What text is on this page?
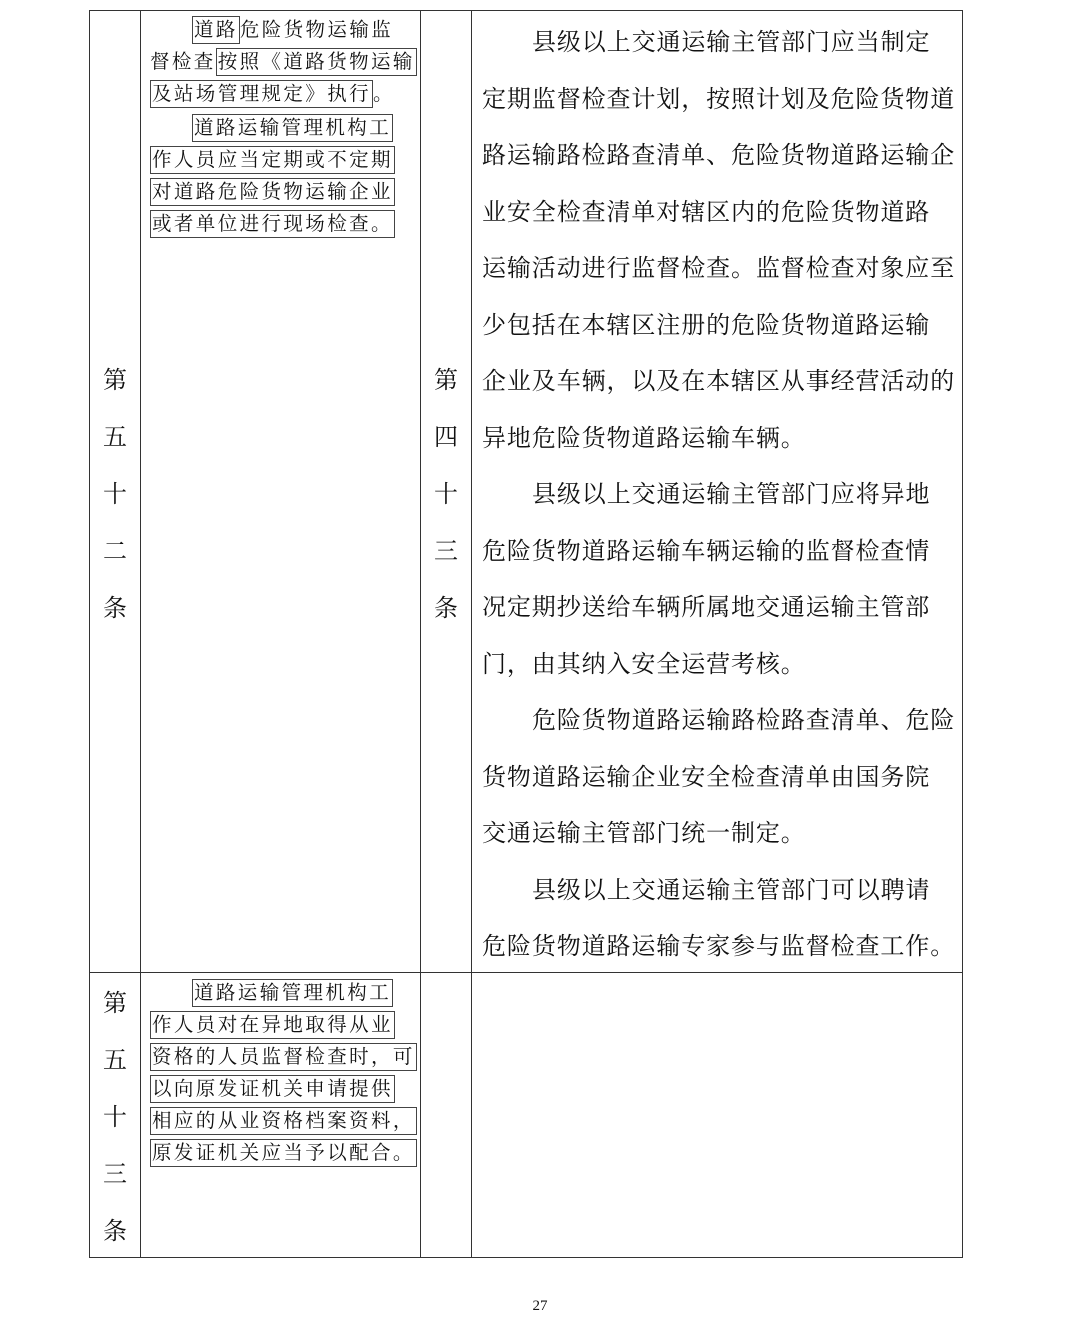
第
五
十
二
条
道路 危险货物运输监
督检查 按照《道路货物运输
及站场管理规定》执行 。
道路运输管理机构工
作人员应当定期或不定期
对道路危险货物运输企业
或者单位进行现场检查。
第
四
十
三
条
县级以上交通运输主管部门应当制定
定期监督检查计划，按照计划及危险货物道
路运输路检路查清单、危险货物道路运输企
业安全检查清单对辖区内的危险货物道路
运输活动进行监督检查。监督检查对象应至
少包括在本辖区注册的危险货物道路运输
企业及车辆，以及在本辖区从事经营活动的
异地危险货物道路运输车辆。
县级以上交通运输主管部门应将异地
危险货物道路运输车辆运输的监督检查情
况定期抄送给车辆所属地交通运输主管部
门，由其纳入安全运营考核。
危险货物道路运输路检路查清单、危险
货物道路运输企业安全检查清单由国务院
交通运输主管部门统一制定。
县级以上交通运输主管部门可以聘请
危险货物道路运输专家参与监督检查工作。
第
五
十
三
条
道路运输管理机构工
作人员对在异地取得从业
资格的人员监督检查时，可
以向原发证机关申请提供
相应的从业资格档案资料，
原发证机关应当予以配合。
27
